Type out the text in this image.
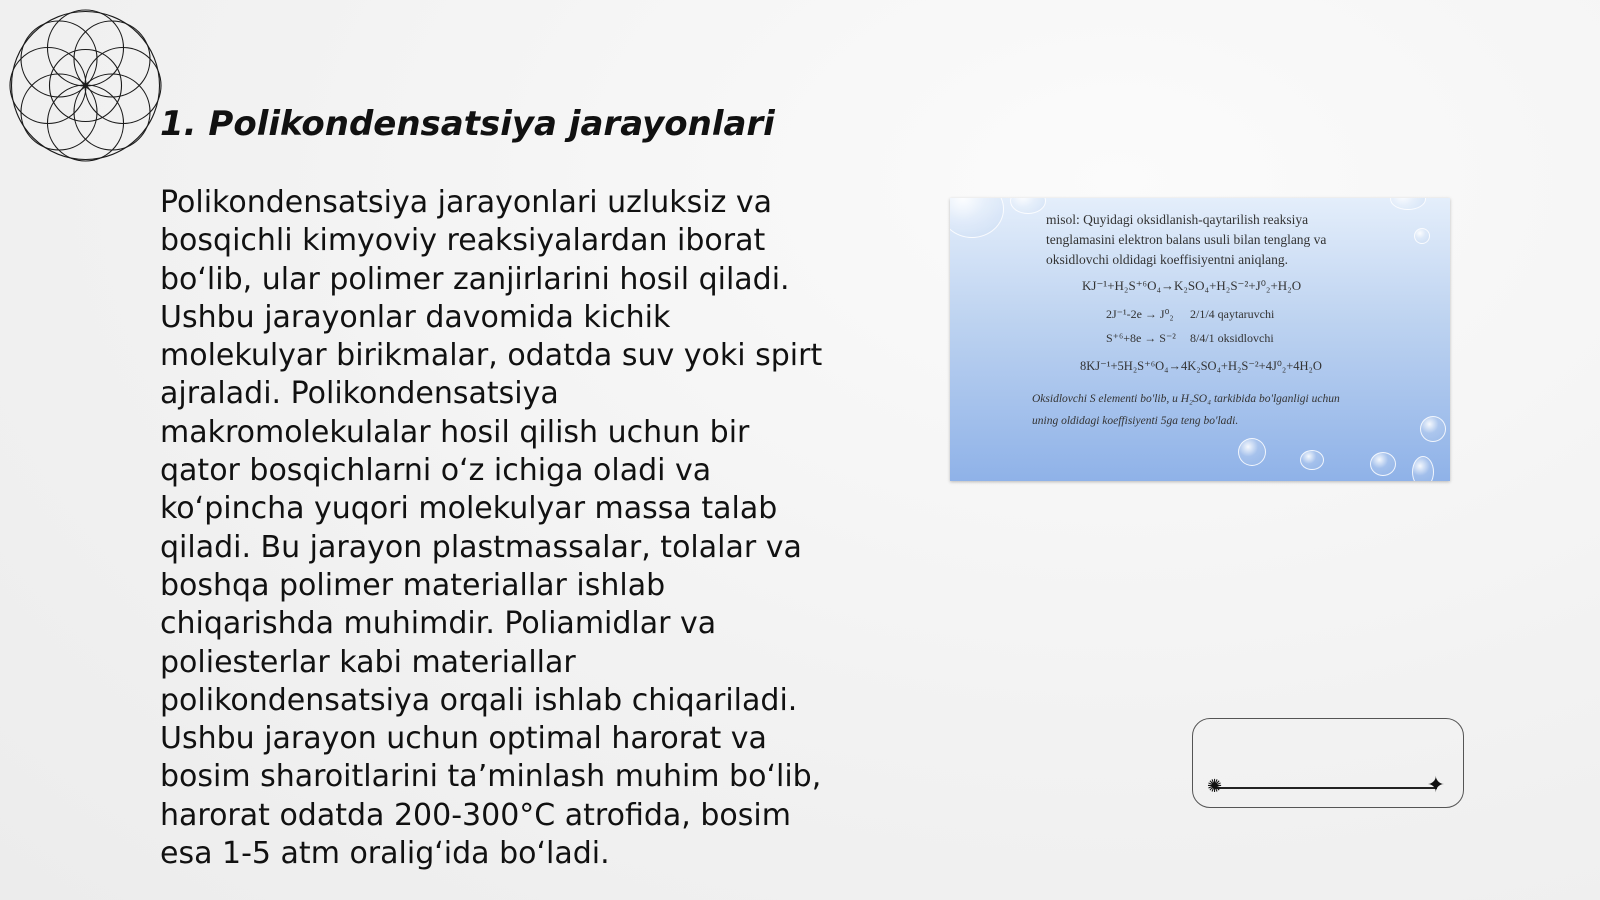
1. Polikondensatsiya jarayonlari

Polikondensatsiya jarayonlari uzluksiz va bosqichli kimyoviy reaksiyalardan iborat bo‘lib, ular polimer zanjirlarini hosil qiladi. Ushbu jarayonlar davomida kichik molekulyar birikmalar, odatda suv yoki spirt ajraladi. Polikondensatsiya makromolekulalar hosil qilish uchun bir qator bosqichlarni o‘z ichiga oladi va ko‘pincha yuqori molekulyar massa talab qiladi. Bu jarayon plastmassalar, tolalar va boshqa polimer materiallar ishlab chiqarishda muhimdir. Poliamidlar va poliesterlar kabi materiallar polikondensatsiya orqali ishlab chiqariladi. Ushbu jarayon uchun optimal harorat va bosim sharoitlarini ta’minlash muhim bo‘lib, harorat odatda 200-300°C atrofida, bosim esa 1-5 atm oralig‘ida bo‘ladi.

misol: Quyidagi oksidlanish-qaytarilish reaksiya tenglamasini elektron balans usuli bilan tenglang va oksidlovchi oldidagi koeffisiyentni aniqlang.

KJ⁻¹+H₂S⁺⁶O₄→K₂SO₄+H₂S⁻²+J⁰₂+H₂O

2J⁻¹-2e → J⁰₂ 2/1/4 qaytaruvchi

S⁺⁶+8e → S⁻² 8/4/1 oksidlovchi

8KJ⁻¹+5H₂S⁺⁶O₄→4K₂SO₄+H₂S⁻²+4J⁰₂+4H₂O

Oksidlovchi S elementi bo'lib, u H₂SO₄ tarkibida bo'lganligi uchun uning oldidagi koeffisiyenti 5ga teng bo'ladi.

✺	✦
